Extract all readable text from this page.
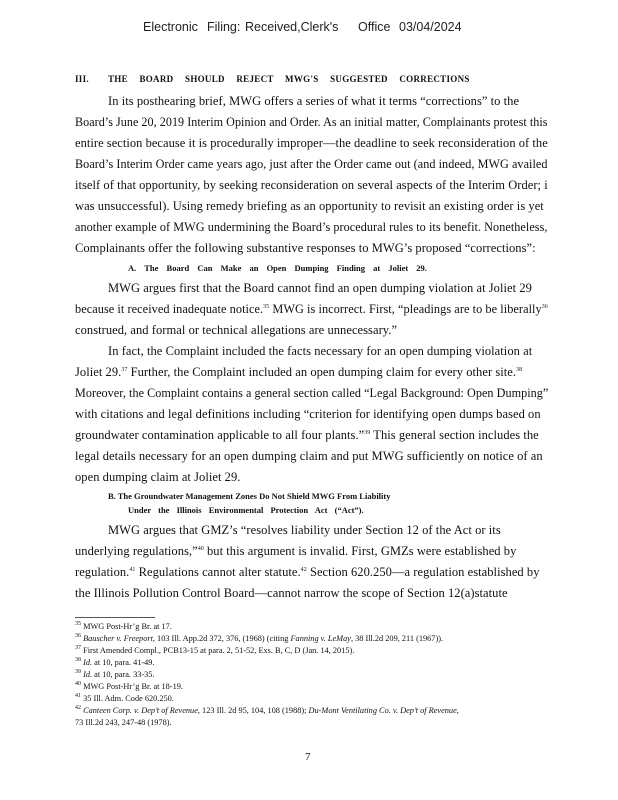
Electronic Filing: Received,Clerk's Office 03/04/2024
III. THE BOARD SHOULD REJECT MWG'S SUGGESTED CORRECTIONS
In its posthearing brief, MWG offers a series of what it terms “corrections” to the
Board’s June 20, 2019 Interim Opinion and Order. As an initial matter, Complainants protest this
entire section because it is procedurally improper—the deadline to seek reconsideration of the
Board’s Interim Order came years ago, just after the Order came out (and indeed, MWG availed
itself of that opportunity, by seeking reconsideration on several aspects of the Interim Order; i
was unsuccessful). Using remedy briefing as an opportunity to revisit an existing order is yet
another example of MWG undermining the Board’s procedural rules to its benefit. Nonetheless,
Complainants offer the following substantive responses to MWG’s proposed “corrections”:
A. The Board Can Make an Open Dumping Finding at Joliet 29.
MWG argues first that the Board cannot find an open dumping violation at Joliet 29
because it received inadequate notice.$^{35}$ MWG is incorrect. First, “pleadings are to be liberally$^{36}$
construed, and formal or technical allegations are unnecessary.”
In fact, the Complaint included the facts necessary for an open dumping violation at
Joliet 29.37 Further, the Complaint included an open dumping claim for every other site.$^{38}$
Moreover, the Complaint contains a general section called “Legal Background: Open Dumping”
with citations and legal definitions including “criterion for identifying open dumps based on
groundwater contamination applicable to all four plants.”$^{39}$ This general section includes the
legal details necessary for an open dumping claim and put MWG sufficiently on notice of an
open dumping claim at Joliet 29.
B. The Groundwater Management Zones Do Not Shield MWG From Liability
Under the Illinois Environmental Protection Act (“Act”).
MWG argues that GMZ’s “resolves liability under Section 12 of the Act or its
underlying regulations,”$^{40}$ but this argument is invalid. First, GMZs were established by
regulation.$^{41}$ Regulations cannot alter statute.$^{42}$ Section 620.250—a regulation established by
the Illinois Pollution Control Board—cannot narrow the scope of Section 12(a)statute
$^{35}$ MWG Post-Hr’g Br. at 17.
$^{36}$ Bauscher v. Freeport, 103 Ill. App.2d 372, 376, (1968) (citing Fanning v. LeMay, 38 Ill.2d 209, 211 (1967)).
$^{37}$ First Amended Compl., PCB13-15 at para. 2, 51-52, Exs. B, C, D (Jan. 14, 2015).
$^{38}$ Id. at 10, para. 41-49.
$^{39}$ Id. at 10, para. 33-35.
$^{40}$ MWG Post-Hr’g Br. at 18-19.
$^{41}$ 35 Ill. Adm. Code 620.250.
$^{42}$ Canteen Corp. v. Dep’t of Revenue, 123 Ill. 2d 95, 104, 108 (1988); Du-Mont Ventilating Co. v. Dep’t of Revenue,
73 Ill.2d 243, 247-48 (1978).
7
